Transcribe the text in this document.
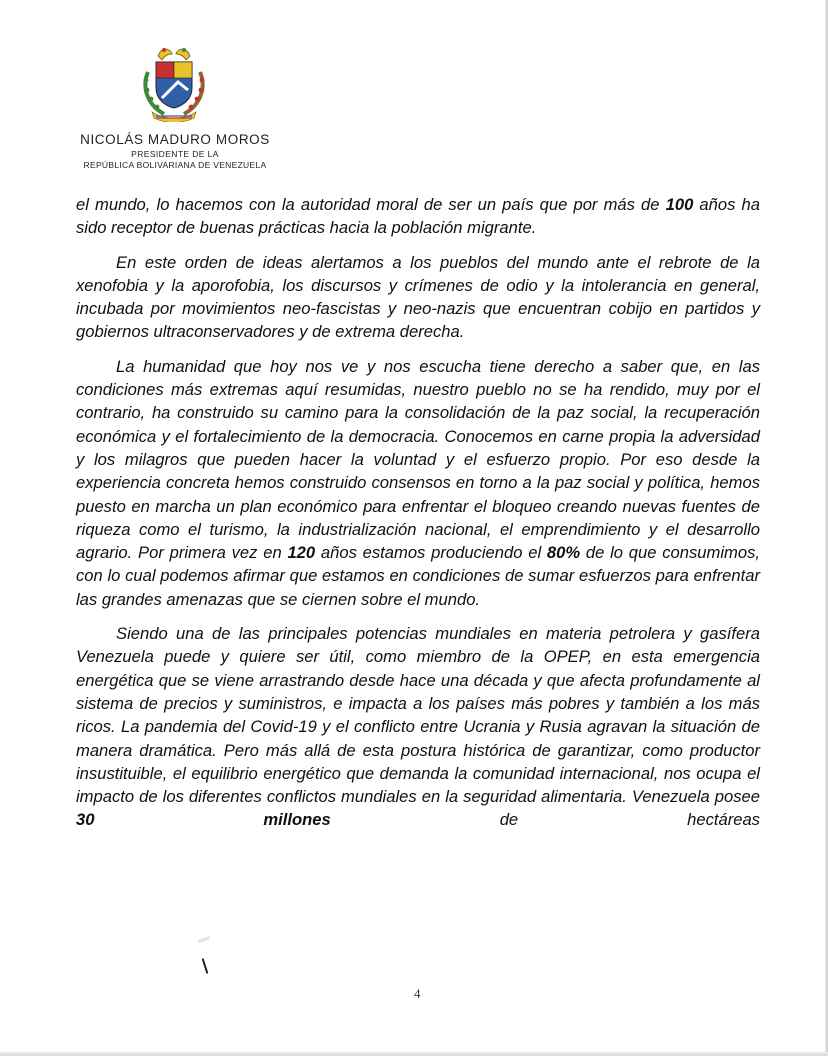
NICOLÁS MADURO MOROS
PRESIDENTE DE LA
REPÚBLICA BOLIVARIANA DE VENEZUELA

el mundo, lo hacemos con la autoridad moral de ser un país que por más de 100 años ha sido receptor de buenas prácticas hacia la población migrante.

En este orden de ideas alertamos a los pueblos del mundo ante el rebrote de la xenofobia y la aporofobia, los discursos y crímenes de odio y la intolerancia en general, incubada por movimientos neo-fascistas y neo-nazis que encuentran cobijo en partidos y gobiernos ultraconservadores y de extrema derecha.

La humanidad que hoy nos ve y nos escucha tiene derecho a saber que, en las condiciones más extremas aquí resumidas, nuestro pueblo no se ha rendido, muy por el contrario, ha construido su camino para la consolidación de la paz social, la recuperación económica y el fortalecimiento de la democracia. Conocemos en carne propia la adversidad y los milagros que pueden hacer la voluntad y el esfuerzo propio. Por eso desde la experiencia concreta hemos construido consensos en torno a la paz social y política, hemos puesto en marcha un plan económico para enfrentar el bloqueo creando nuevas fuentes de riqueza como el turismo, la industrialización nacional, el emprendimiento y el desarrollo agrario. Por primera vez en 120 años estamos produciendo el 80% de lo que consumimos, con lo cual podemos afirmar que estamos en condiciones de sumar esfuerzos para enfrentar las grandes amenazas que se ciernen sobre el mundo.

Siendo una de las principales potencias mundiales en materia petrolera y gasífera Venezuela puede y quiere ser útil, como miembro de la OPEP, en esta emergencia energética que se viene arrastrando desde hace una década y que afecta profundamente al sistema de precios y suministros, e impacta a los países más pobres y también a los más ricos. La pandemia del Covid-19 y el conflicto entre Ucrania y Rusia agravan la situación de manera dramática. Pero más allá de esta postura histórica de garantizar, como productor insustituible, el equilibrio energético que demanda la comunidad internacional, nos ocupa el impacto de los diferentes conflictos mundiales en la seguridad alimentaria. Venezuela posee 30 millones de hectáreas

4
